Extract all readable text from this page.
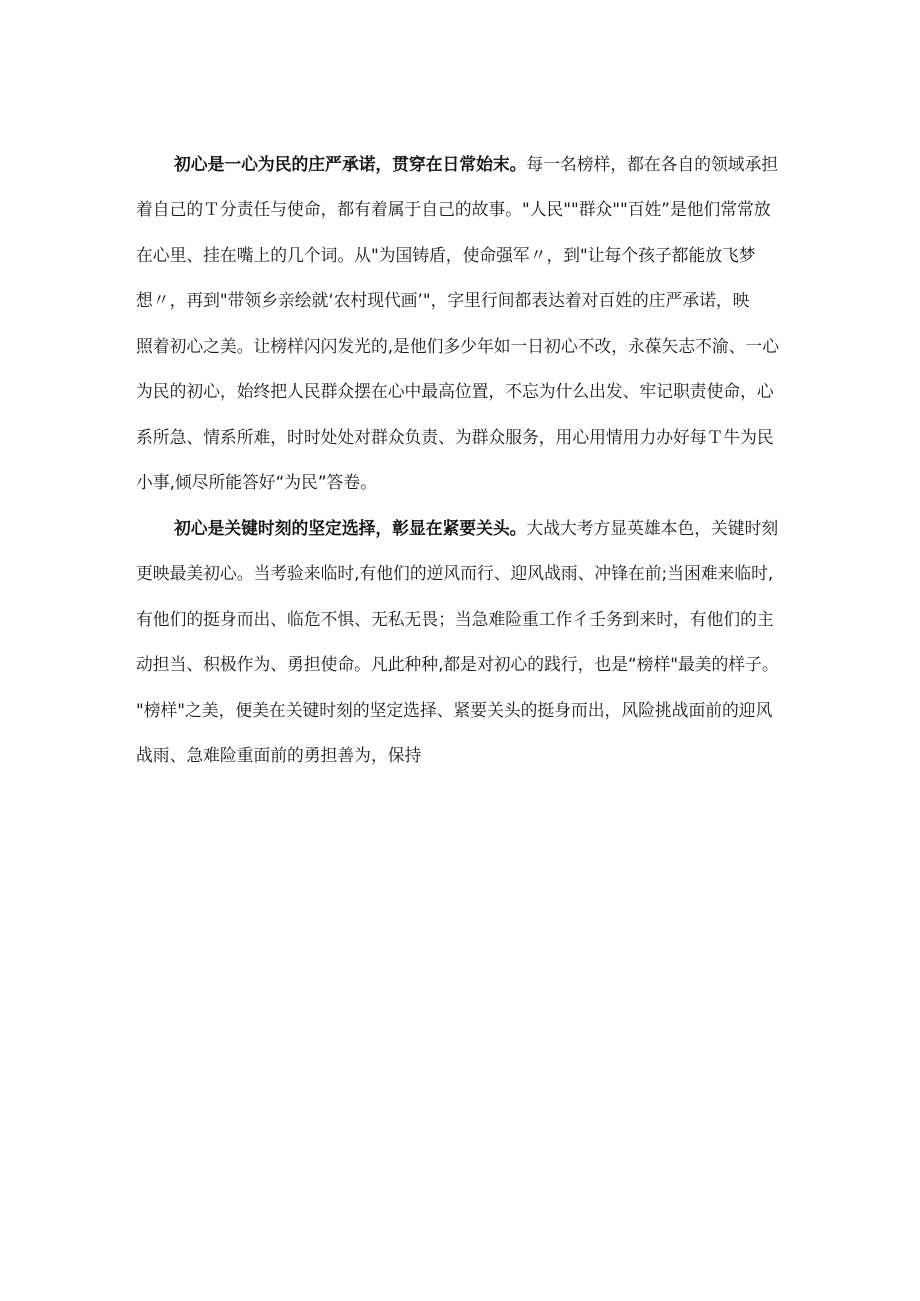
初心是一心为民的庄严承诺，贯穿在日常始末。每一名榜样，都在各自的领域承担
着自己的Ｔ分责任与使命，都有着属于自己的故事。"人民""群众""百姓”是他们常常放
在心里、挂在嘴上的几个词。从"为国铸盾，使命强军〃，到"让每个孩子都能放飞梦
想〃，再到"带领乡亲绘就‘农村现代画’"，字里行间都表达着对百姓的庄严承诺，映
照着初心之美。让榜样闪闪发光的,是他们多少年如一日初心不改，永葆矢志不渝、一心
为民的初心，始终把人民群众摆在心中最高位置，不忘为什么出发、牢记职责使命，心
系所急、情系所难，时时处处对群众负责、为群众服务，用心用情用力办好每Ｔ牛为民
小事,倾尽所能答好“为民”答卷。
初心是关键时刻的坚定选择，彰显在紧要关头。大战大考方显英雄本色，关键时刻
更映最美初心。当考验来临时,有他们的逆风而行、迎风战雨、冲锋在前;当困难来临时,
有他们的挺身而出、临危不惧、无私无畏；当急难险重工作彳壬务到来时，有他们的主
动担当、积极作为、勇担使命。凡此种种,都是对初心的践行，也是“榜样"最美的样子。
"榜样"之美，便美在关键时刻的坚定选择、紧要关头的挺身而出，风险挑战面前的迎风
战雨、急难险重面前的勇担善为，保持
